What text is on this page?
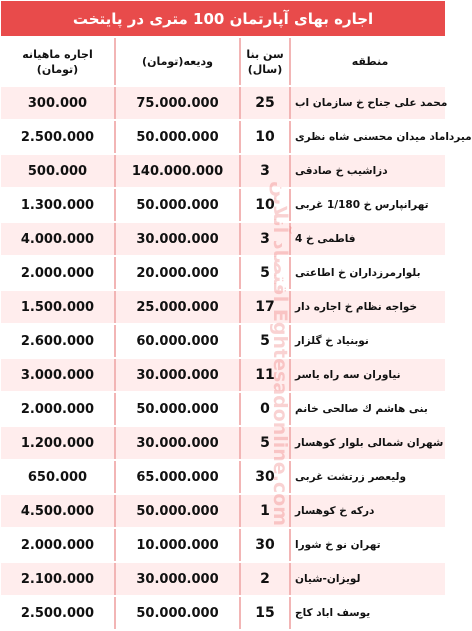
اجاره بهای آپارتمان 100 متری در پایتخت
منطقه
سن بنا
(سال)
ودیعه(تومان)
اجاره ماهیانه
(تومان)
محمد علی جناح خ سازمان اب
25
75.000.000
300.000
میرداماد میدان محسنی شاه نظری
10
50.000.000
2.500.000
دزاشیب خ صادقی
3
140.000.000
500.000
تهرانپارس خ 1/180 غربی
10
50.000.000
1.300.000
فاطمی خ 4
3
30.000.000
4.000.000
بلوارمرزداران خ اطاعتی
5
20.000.000
2.000.000
خواجه نظام خ اجاره دار
17
25.000.000
1.500.000
نوبنیاد خ گلزار
5
60.000.000
2.600.000
نیاوران سه راه یاسر
11
30.000.000
3.000.000
بنی هاشم ك صالحی خانم
0
50.000.000
2.000.000
شهران شمالی بلوار کوهسار
5
30.000.000
1.200.000
ولیعصر زرتشت غربی
30
65.000.000
650.000
درکه خ کوهسار
1
50.000.000
4.500.000
تهران نو خ شورا
30
10.000.000
2.000.000
لویزان-شیان
2
30.000.000
2.100.000
یوسف اباد کاج
15
50.000.000
2.500.000
اقتصاد آنلاین Eghtesadonline.com
